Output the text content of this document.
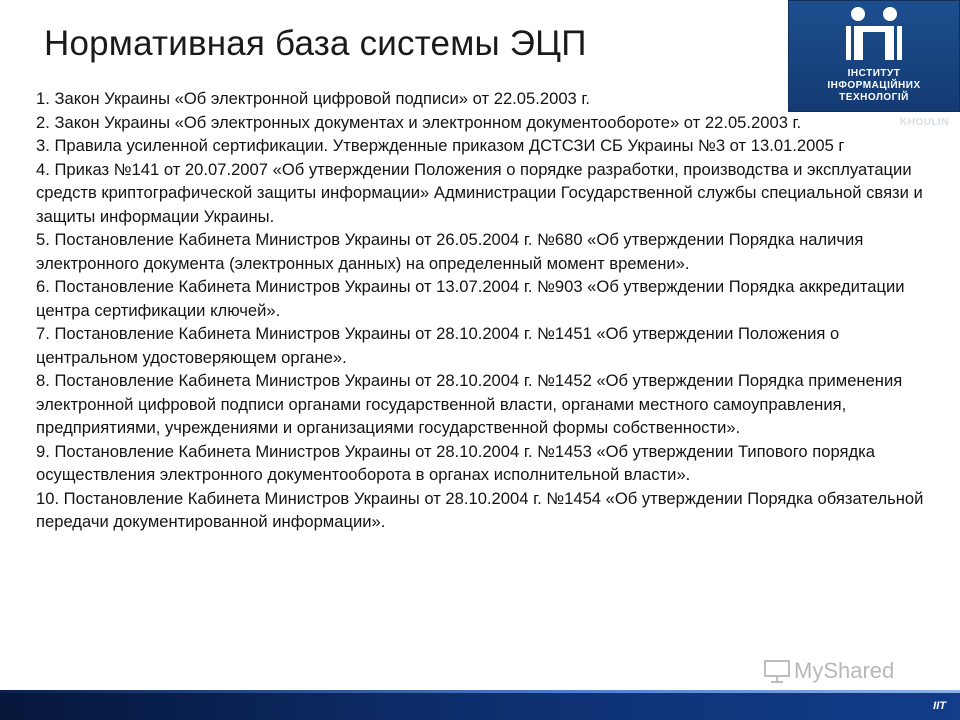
Нормативная база системы ЭЦП
ІНСТИТУТ
ІНФОРМАЦІЙНИХ
ТЕХНОЛОГІЙ
KHOULIN

1. Закон Украины «Об электронной цифровой подписи» от 22.05.2003 г.

2. Закон Украины «Об электронных документах и электронном документообороте» от 22.05.2003 г.

3. Правила усиленной сертификации. Утвержденные приказом ДСТСЗИ СБ Украины №3 от 13.01.2005 г

4. Приказ №141 от 20.07.2007 «Об утверждении Положения о порядке разработки, производства и эксплуатации средств криптографической защиты информации» Администрации Государственной службы специальной связи и защиты информации Украины.

5. Постановление Кабинета Министров Украины от 26.05.2004 г. №680 «Об утверждении Порядка наличия электронного документа (электронных данных) на определенный момент времени».

6. Постановление Кабинета Министров Украины от 13.07.2004 г. №903 «Об утверждении Порядка аккредитации центра сертификации ключей».

7. Постановление Кабинета Министров Украины от 28.10.2004 г. №1451 «Об утверждении Положения о центральном удостоверяющем органе».

8. Постановление Кабинета Министров Украины от 28.10.2004 г. №1452 «Об утверждении Порядка применения электронной цифровой подписи органами государственной власти, органами местного самоуправления, предприятиями, учреждениями и организациями государственной формы собственности».

9. Постановление Кабинета Министров Украины от 28.10.2004 г. №1453 «Об утверждении Типового порядка осуществления электронного документооборота в органах исполнительной власти».

10. Постановление Кабинета Министров Украины от 28.10.2004 г. №1454 «Об утверждении Порядка обязательной передачи документированной информации».

MyShared
IIT
